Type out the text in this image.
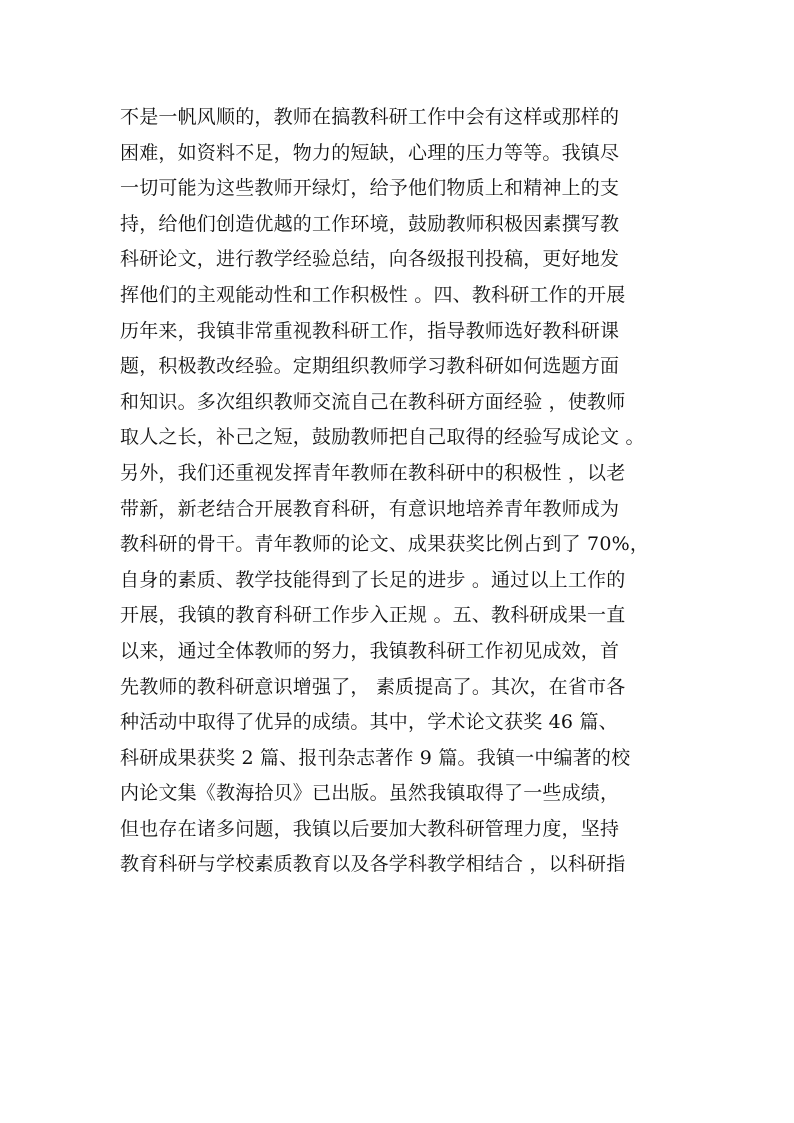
不是一帆风顺的，教师在搞教科研工作中会有这样或那样的
困难，如资料不足，物力的短缺，心理的压力等等。我镇尽
一切可能为这些教师开绿灯，给予他们物质上和精神上的支
持，给他们创造优越的工作环境，鼓励教师积极因素撰写教
科研论文，进行教学经验总结，向各级报刊投稿，更好地发
挥他们的主观能动性和工作积极性 。四、教科研工作的开展
历年来，我镇非常重视教科研工作，指导教师选好教科研课
题，积极教改经验。定期组织教师学习教科研如何选题方面
和知识。多次组织教师交流自己在教科研方面经验 ，使教师
取人之长，补己之短，鼓励教师把自己取得的经验写成论文 。
另外，我们还重视发挥青年教师在教科研中的积极性 ，以老
带新，新老结合开展教育科研，有意识地培养青年教师成为
教科研的骨干。青年教师的论文、成果获奖比例占到了 70%，
自身的素质、教学技能得到了长足的进步 。通过以上工作的
开展，我镇的教育科研工作步入正规 。五、教科研成果一直
以来，通过全体教师的努力，我镇教科研工作初见成效，首
先教师的教科研意识增强了， 素质提高了。其次，在省市各
种活动中取得了优异的成绩。其中，学术论文获奖 46 篇、
科研成果获奖 2 篇、报刊杂志著作 9 篇。我镇一中编著的校
内论文集《教海拾贝》已出版。虽然我镇取得了一些成绩，
但也存在诸多问题，我镇以后要加大教科研管理力度，坚持
教育科研与学校素质教育以及各学科教学相结合 ，以科研指
